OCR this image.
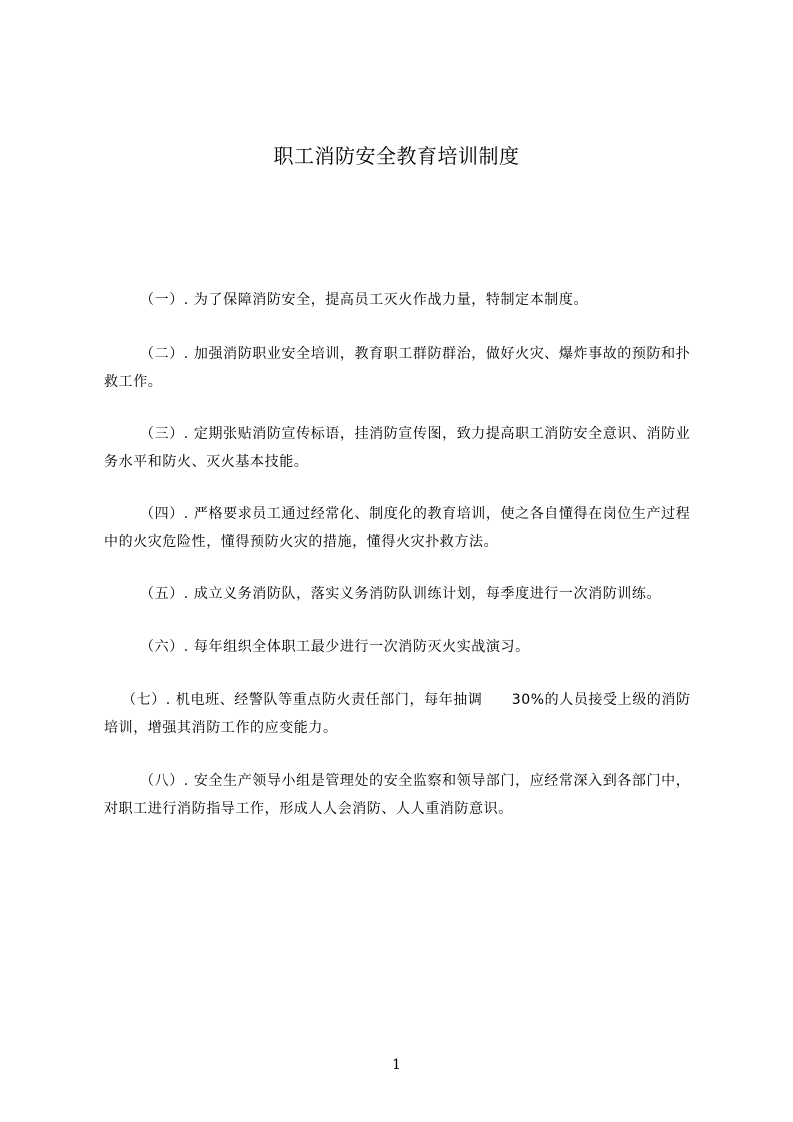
职工消防安全教育培训制度

（一）. 为了保障消防安全，提高员工灭火作战力量，特制定本制度。

（二）. 加强消防职业安全培训，教育职工群防群治，做好火灾、爆炸事故的预防和扑救工作。

（三）. 定期张贴消防宣传标语，挂消防宣传图，致力提高职工消防安全意识、消防业务水平和防火、灭火基本技能。

（四）. 严格要求员工通过经常化、制度化的教育培训，使之各自懂得在岗位生产过程中的火灾危险性，懂得预防火灾的措施，懂得火灾扑救方法。

（五）. 成立义务消防队，落实义务消防队训练计划，每季度进行一次消防训练。

（六）. 每年组织全体职工最少进行一次消防灭火实战演习。

（七）. 机电班、经警队等重点防火责任部门，每年抽调　　30%的人员接受上级的消防培训，增强其消防工作的应变能力。

（八）. 安全生产领导小组是管理处的安全监察和领导部门，应经常深入到各部门中，对职工进行消防指导工作，形成人人会消防、人人重消防意识。

1
